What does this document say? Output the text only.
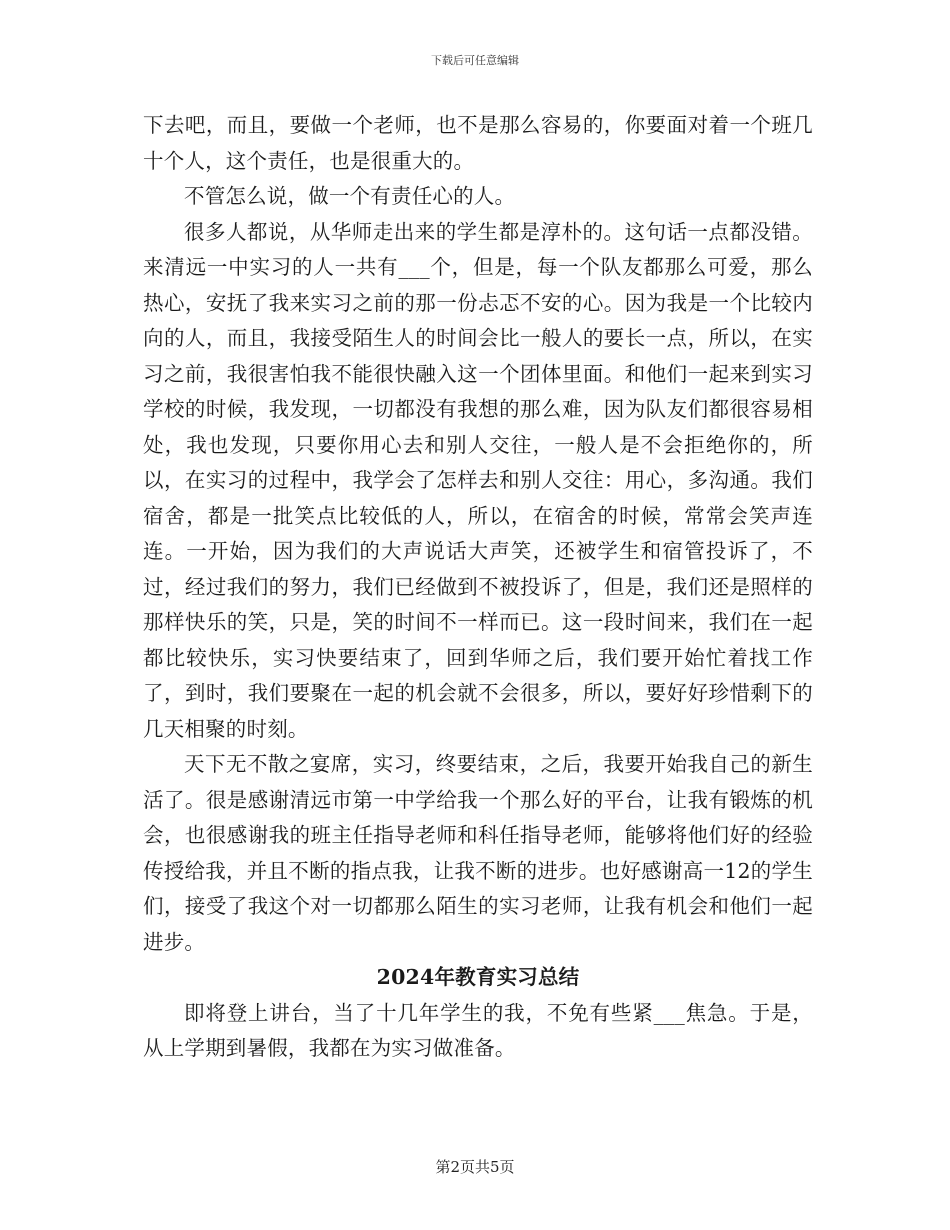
下载后可任意编辑

下去吧，而且，要做一个老师，也不是那么容易的，你要面对着一个班几十个人，这个责任，也是很重大的。

不管怎么说，做一个有责任心的人。

很多人都说，从华师走出来的学生都是淳朴的。这句话一点都没错。来清远一中实习的人一共有___个，但是，每一个队友都那么可爱，那么热心，安抚了我来实习之前的那一份忐忑不安的心。因为我是一个比较内向的人，而且，我接受陌生人的时间会比一般人的要长一点，所以，在实习之前，我很害怕我不能很快融入这一个团体里面。和他们一起来到实习学校的时候，我发现，一切都没有我想的那么难，因为队友们都很容易相处，我也发现，只要你用心去和别人交往，一般人是不会拒绝你的，所以，在实习的过程中，我学会了怎样去和别人交往：用心，多沟通。我们宿舍，都是一批笑点比较低的人，所以，在宿舍的时候，常常会笑声连连。一开始，因为我们的大声说话大声笑，还被学生和宿管投诉了，不过，经过我们的努力，我们已经做到不被投诉了，但是，我们还是照样的那样快乐的笑，只是，笑的时间不一样而已。这一段时间来，我们在一起都比较快乐，实习快要结束了，回到华师之后，我们要开始忙着找工作了，到时，我们要聚在一起的机会就不会很多，所以，要好好珍惜剩下的几天相聚的时刻。

天下无不散之宴席，实习，终要结束，之后，我要开始我自己的新生活了。很是感谢清远市第一中学给我一个那么好的平台，让我有锻炼的机会，也很感谢我的班主任指导老师和科任指导老师，能够将他们好的经验传授给我，并且不断的指点我，让我不断的进步。也好感谢高一12的学生们，接受了我这个对一切都那么陌生的实习老师，让我有机会和他们一起进步。

2024年教育实习总结

即将登上讲台，当了十几年学生的我，不免有些紧___焦急。于是，从上学期到暑假，我都在为实习做准备。

第2页共5页
